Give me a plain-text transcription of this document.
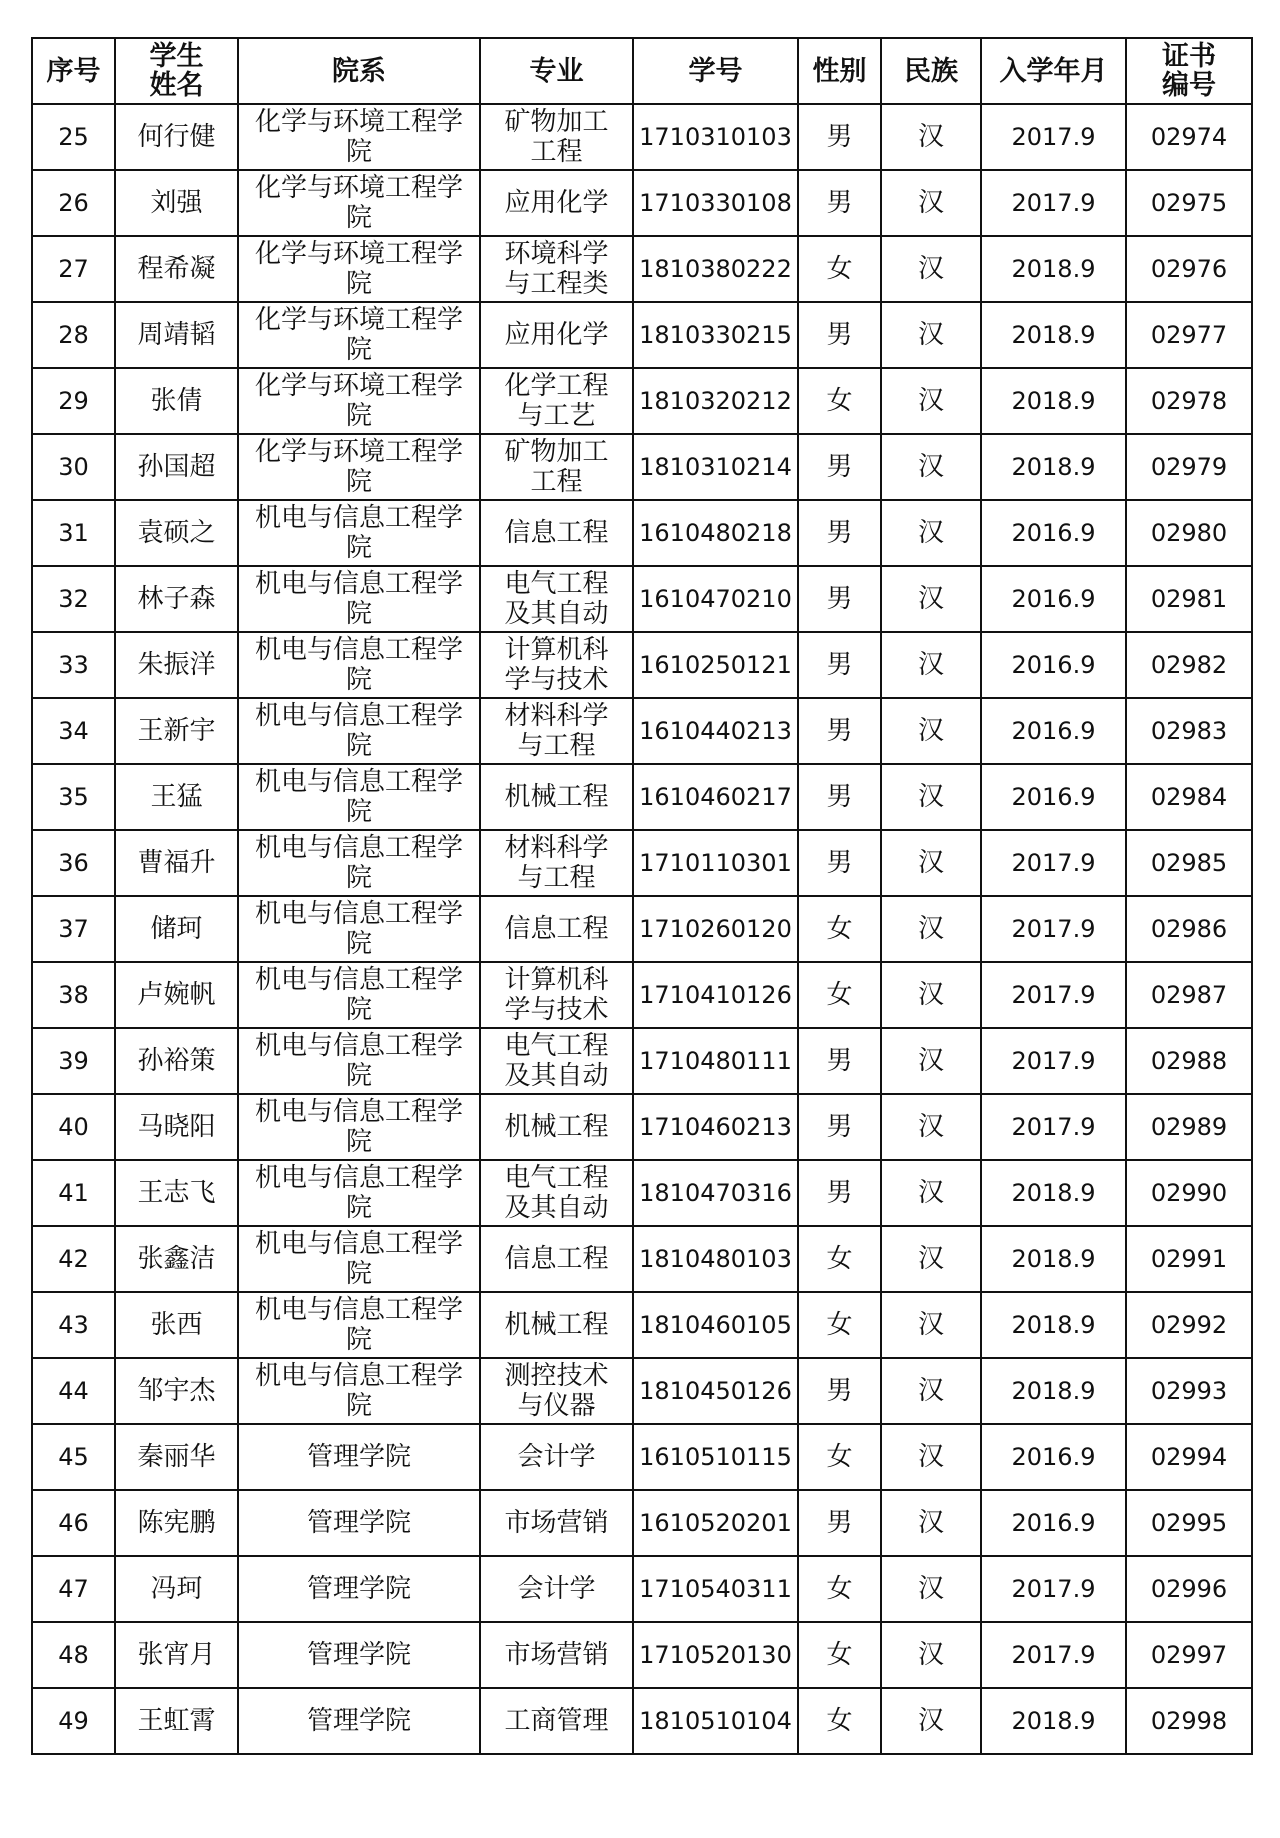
序号	学生姓名	院系	专业	学号	性别	民族	入学年月	证书编号
25	何行健	化学与环境工程学院	矿物加工工程	1710310103	男	汉	2017.9	02974
26	刘强	化学与环境工程学院	应用化学	1710330108	男	汉	2017.9	02975
27	程希凝	化学与环境工程学院	环境科学与工程类	1810380222	女	汉	2018.9	02976
28	周靖韬	化学与环境工程学院	应用化学	1810330215	男	汉	2018.9	02977
29	张倩	化学与环境工程学院	化学工程与工艺	1810320212	女	汉	2018.9	02978
30	孙国超	化学与环境工程学院	矿物加工工程	1810310214	男	汉	2018.9	02979
31	袁硕之	机电与信息工程学院	信息工程	1610480218	男	汉	2016.9	02980
32	林子森	机电与信息工程学院	电气工程及其自动	1610470210	男	汉	2016.9	02981
33	朱振洋	机电与信息工程学院	计算机科学与技术	1610250121	男	汉	2016.9	02982
34	王新宇	机电与信息工程学院	材料科学与工程	1610440213	男	汉	2016.9	02983
35	王猛	机电与信息工程学院	机械工程	1610460217	男	汉	2016.9	02984
36	曹福升	机电与信息工程学院	材料科学与工程	1710110301	男	汉	2017.9	02985
37	储珂	机电与信息工程学院	信息工程	1710260120	女	汉	2017.9	02986
38	卢婉帆	机电与信息工程学院	计算机科学与技术	1710410126	女	汉	2017.9	02987
39	孙裕策	机电与信息工程学院	电气工程及其自动	1710480111	男	汉	2017.9	02988
40	马晓阳	机电与信息工程学院	机械工程	1710460213	男	汉	2017.9	02989
41	王志飞	机电与信息工程学院	电气工程及其自动	1810470316	男	汉	2018.9	02990
42	张鑫洁	机电与信息工程学院	信息工程	1810480103	女	汉	2018.9	02991
43	张西	机电与信息工程学院	机械工程	1810460105	女	汉	2018.9	02992
44	邹宇杰	机电与信息工程学院	测控技术与仪器	1810450126	男	汉	2018.9	02993
45	秦丽华	管理学院	会计学	1610510115	女	汉	2016.9	02994
46	陈宪鹏	管理学院	市场营销	1610520201	男	汉	2016.9	02995
47	冯珂	管理学院	会计学	1710540311	女	汉	2017.9	02996
48	张宵月	管理学院	市场营销	1710520130	女	汉	2017.9	02997
49	王虹霄	管理学院	工商管理	1810510104	女	汉	2018.9	02998
